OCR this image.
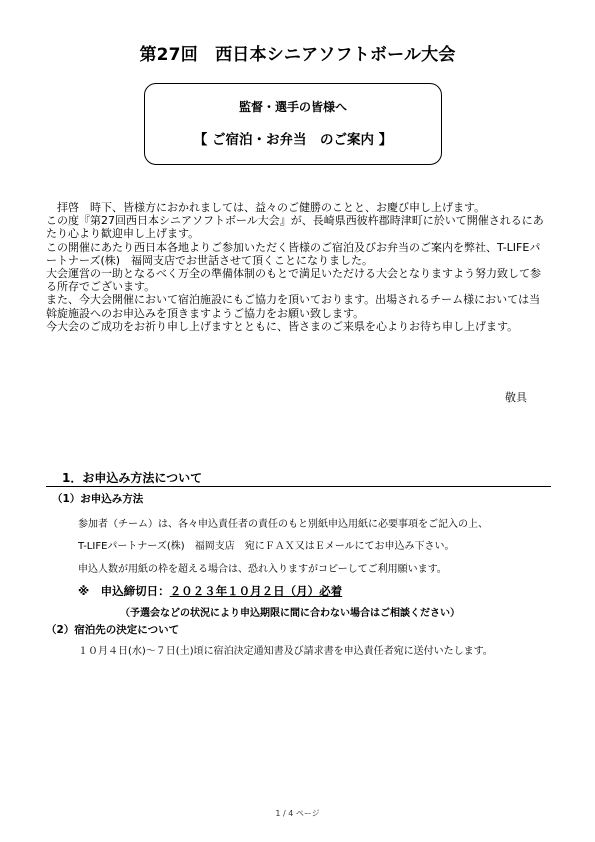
第27回　西日本シニアソフトボール大会
監督・選手の皆様へ
【 ご宿泊・お弁当　のご案内 】

　拝啓　時下、皆様方におかれましては、益々のご健勝のことと、お慶び申し上げます。

この度『第27回西日本シニアソフトボール大会』が、長崎県西彼杵郡時津町に於いて開催されるにあたり心より歓迎申し上げます。

この開催にあたり西日本各地よりご参加いただく皆様のご宿泊及びお弁当のご案内を弊社、T-LIFEパートナーズ(株)　福岡支店でお世話させて頂くことになりました。

大会運営の一助となるべく万全の準備体制のもとで満足いただける大会となりますよう努力致して参る所存でございます。

また、今大会開催において宿泊施設にもご協力を頂いております。出場されるチーム様においては当斡旋施設へのお申込みを頂きますようご協力をお願い致します。

今大会のご成功をお祈り申し上げますとともに、皆さまのご来県を心よりお待ち申し上げます。

敬具
1．お申込み方法について
（1）お申込み方法
参加者（チーム）は、各々申込責任者の責任のもと別紙申込用紙に必要事項をご記入の上、
T-LIFEパートナーズ(株)　福岡支店　宛にＦＡＸ又はＥメールにてお申込み下さい。
申込人数が用紙の枠を超える場合は、恐れ入りますがコピーしてご利用願います。
※　申込締切日：２０２３年１０月２日（月）必着
（予選会などの状況により申込期限に間に合わない場合はご相談ください）
（2）宿泊先の決定について
１０月４日(水)～７日(土)頃に宿泊決定通知書及び請求書を申込責任者宛に送付いたします。
1 / 4 ページ
